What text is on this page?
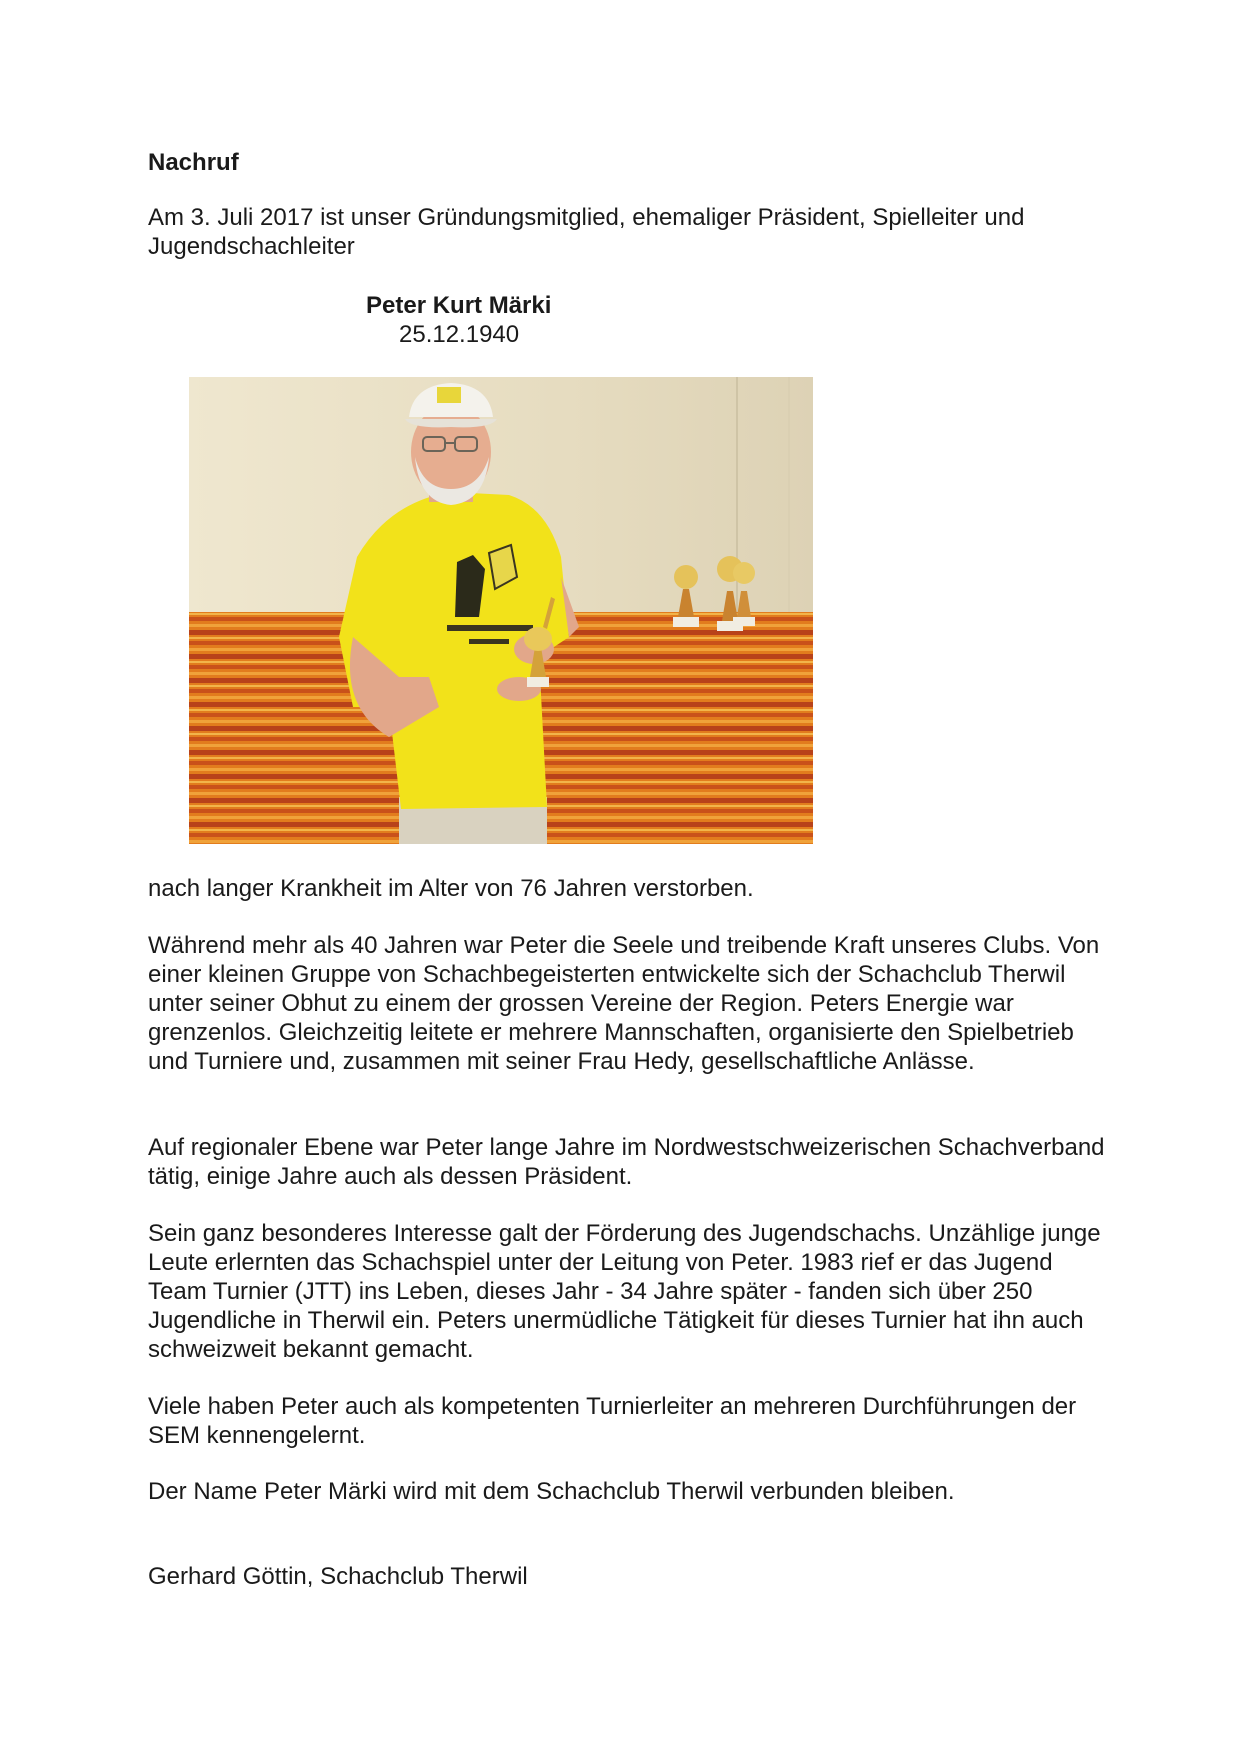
Nachruf

Am 3. Juli 2017 ist unser Gründungsmitglied, ehemaliger Präsident, Spielleiter und Jugendschachleiter

Peter Kurt Märki

25.12.1940

nach langer Krankheit im Alter von 76 Jahren verstorben.

Während mehr als 40 Jahren war Peter die Seele und treibende Kraft unseres Clubs. Von einer kleinen Gruppe von Schachbegeisterten entwickelte sich der Schachclub Therwil unter seiner Obhut zu einem der grossen Vereine der Region. Peters Energie war grenzenlos. Gleichzeitig leitete er mehrere Mannschaften, organisierte den Spielbetrieb und Turniere und, zusammen mit seiner Frau Hedy, gesellschaftliche Anlässe.

Auf regionaler Ebene war Peter lange Jahre im Nordwestschweizerischen Schachverband tätig, einige Jahre auch als dessen Präsident.

Sein ganz besonderes Interesse galt der Förderung des Jugendschachs. Unzählige junge Leute erlernten das Schachspiel unter der Leitung von Peter. 1983 rief er das Jugend Team Turnier (JTT) ins Leben, dieses Jahr - 34 Jahre später - fanden sich über 250 Jugendliche in Therwil ein. Peters unermüdliche Tätigkeit für dieses Turnier hat ihn auch schweizweit bekannt gemacht.

Viele haben Peter auch als kompetenten Turnierleiter an mehreren Durchführungen der SEM kennengelernt.

Der Name Peter Märki wird mit dem Schachclub Therwil verbunden bleiben.

Gerhard Göttin, Schachclub Therwil
